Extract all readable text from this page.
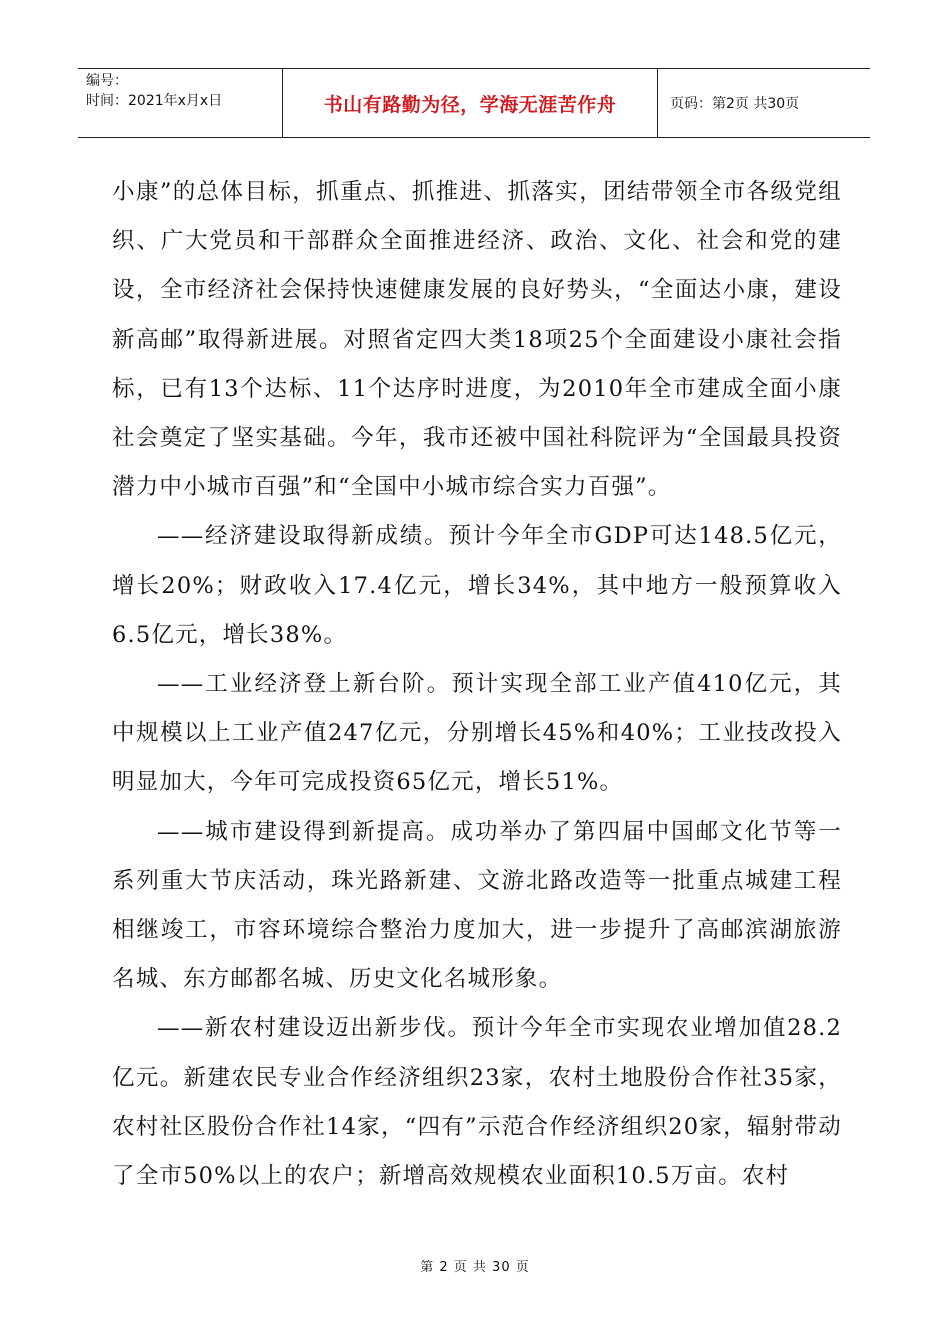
编号：
时间：2021年x月x日	书山有路勤为径，学海无涯苦作舟	页码：第2页 共30页

小康”的总体目标，抓重点、抓推进、抓落实，团结带领全市各级党组织、广大党员和干部群众全面推进经济、政治、文化、社会和党的建设，全市经济社会保持快速健康发展的良好势头，“全面达小康，建设新高邮”取得新进展。对照省定四大类18项25个全面建设小康社会指标，已有13个达标、11个达序时进度，为2010年全市建成全面小康社会奠定了坚实基础。今年，我市还被中国社科院评为“全国最具投资潜力中小城市百强”和“全国中小城市综合实力百强”。

——经济建设取得新成绩。预计今年全市GDP可达148.5亿元，增长20%；财政收入17.4亿元，增长34%，其中地方一般预算收入6.5亿元，增长38%。

——工业经济登上新台阶。预计实现全部工业产值410亿元，其中规模以上工业产值247亿元，分别增长45%和40%；工业技改投入明显加大，今年可完成投资65亿元，增长51%。

——城市建设得到新提高。成功举办了第四届中国邮文化节等一系列重大节庆活动，珠光路新建、文游北路改造等一批重点城建工程相继竣工，市容环境综合整治力度加大，进一步提升了高邮滨湖旅游名城、东方邮都名城、历史文化名城形象。

——新农村建设迈出新步伐。预计今年全市实现农业增加值28.2亿元。新建农民专业合作经济组织23家，农村土地股份合作社35家，农村社区股份合作社14家，“四有”示范合作经济组织20家，辐射带动了全市50%以上的农户；新增高效规模农业面积10.5万亩。农村

第 2 页 共 30 页
